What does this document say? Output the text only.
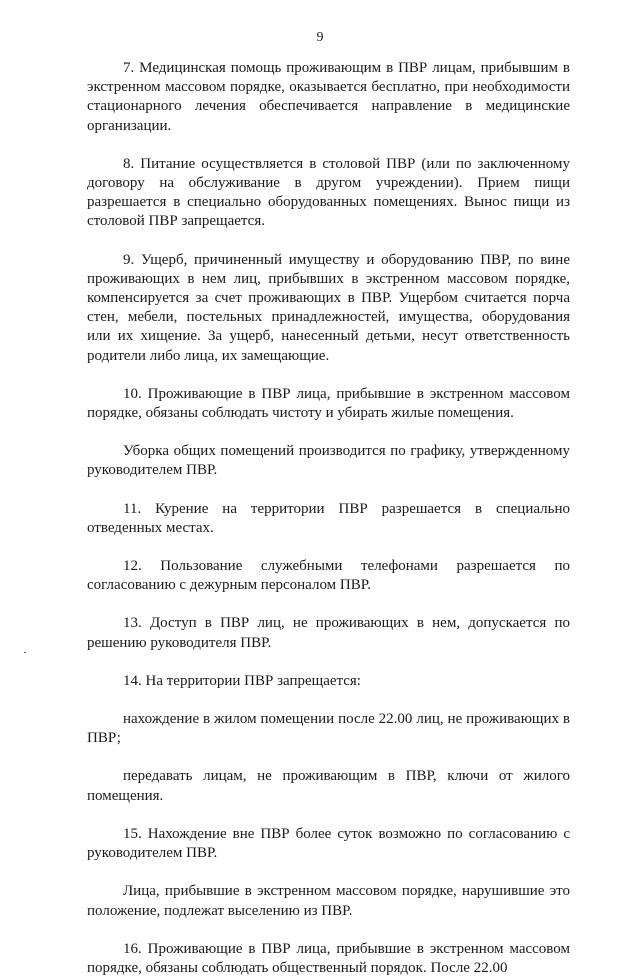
9

7. Медицинская помощь проживающим в ПВР лицам, прибывшим в экстренном массовом порядке, оказывается бесплатно, при необходимости стационарного лечения обеспечивается направление в медицинские организации.

8. Питание осуществляется в столовой ПВР (или по заключенному договору на обслуживание в другом учреждении). Прием пищи разрешается в специально оборудованных помещениях. Вынос пищи из столовой ПВР запрещается.

9. Ущерб, причиненный имуществу и оборудованию ПВР, по вине проживающих в нем лиц, прибывших в экстренном массовом порядке, компенсируется за счет проживающих в ПВР. Ущербом считается порча стен, мебели, постельных принадлежностей, имущества, оборудования или их хищение. За ущерб, нанесенный детьми, несут ответственность родители либо лица, их замещающие.

10. Проживающие в ПВР лица, прибывшие в экстренном массовом порядке, обязаны соблюдать чистоту и убирать жилые помещения.

Уборка общих помещений производится по графику, утвержденному руководителем ПВР.

11. Курение на территории ПВР разрешается в специально отведенных местах.

12. Пользование служебными телефонами разрешается по согласованию с дежурным персоналом ПВР.

13. Доступ в ПВР лиц, не проживающих в нем, допускается по решению руководителя ПВР.

14. На территории ПВР запрещается:

нахождение в жилом помещении после 22.00 лиц, не проживающих в ПВР;

передавать лицам, не проживающим в ПВР, ключи от жилого помещения.

15. Нахождение вне ПВР более суток возможно по согласованию с руководителем ПВР.

Лица, прибывшие в экстренном массовом порядке, нарушившие это положение, подлежат выселению из ПВР.

16. Проживающие в ПВР лица, прибывшие в экстренном массовом порядке, обязаны соблюдать общественный порядок. После 22.00
